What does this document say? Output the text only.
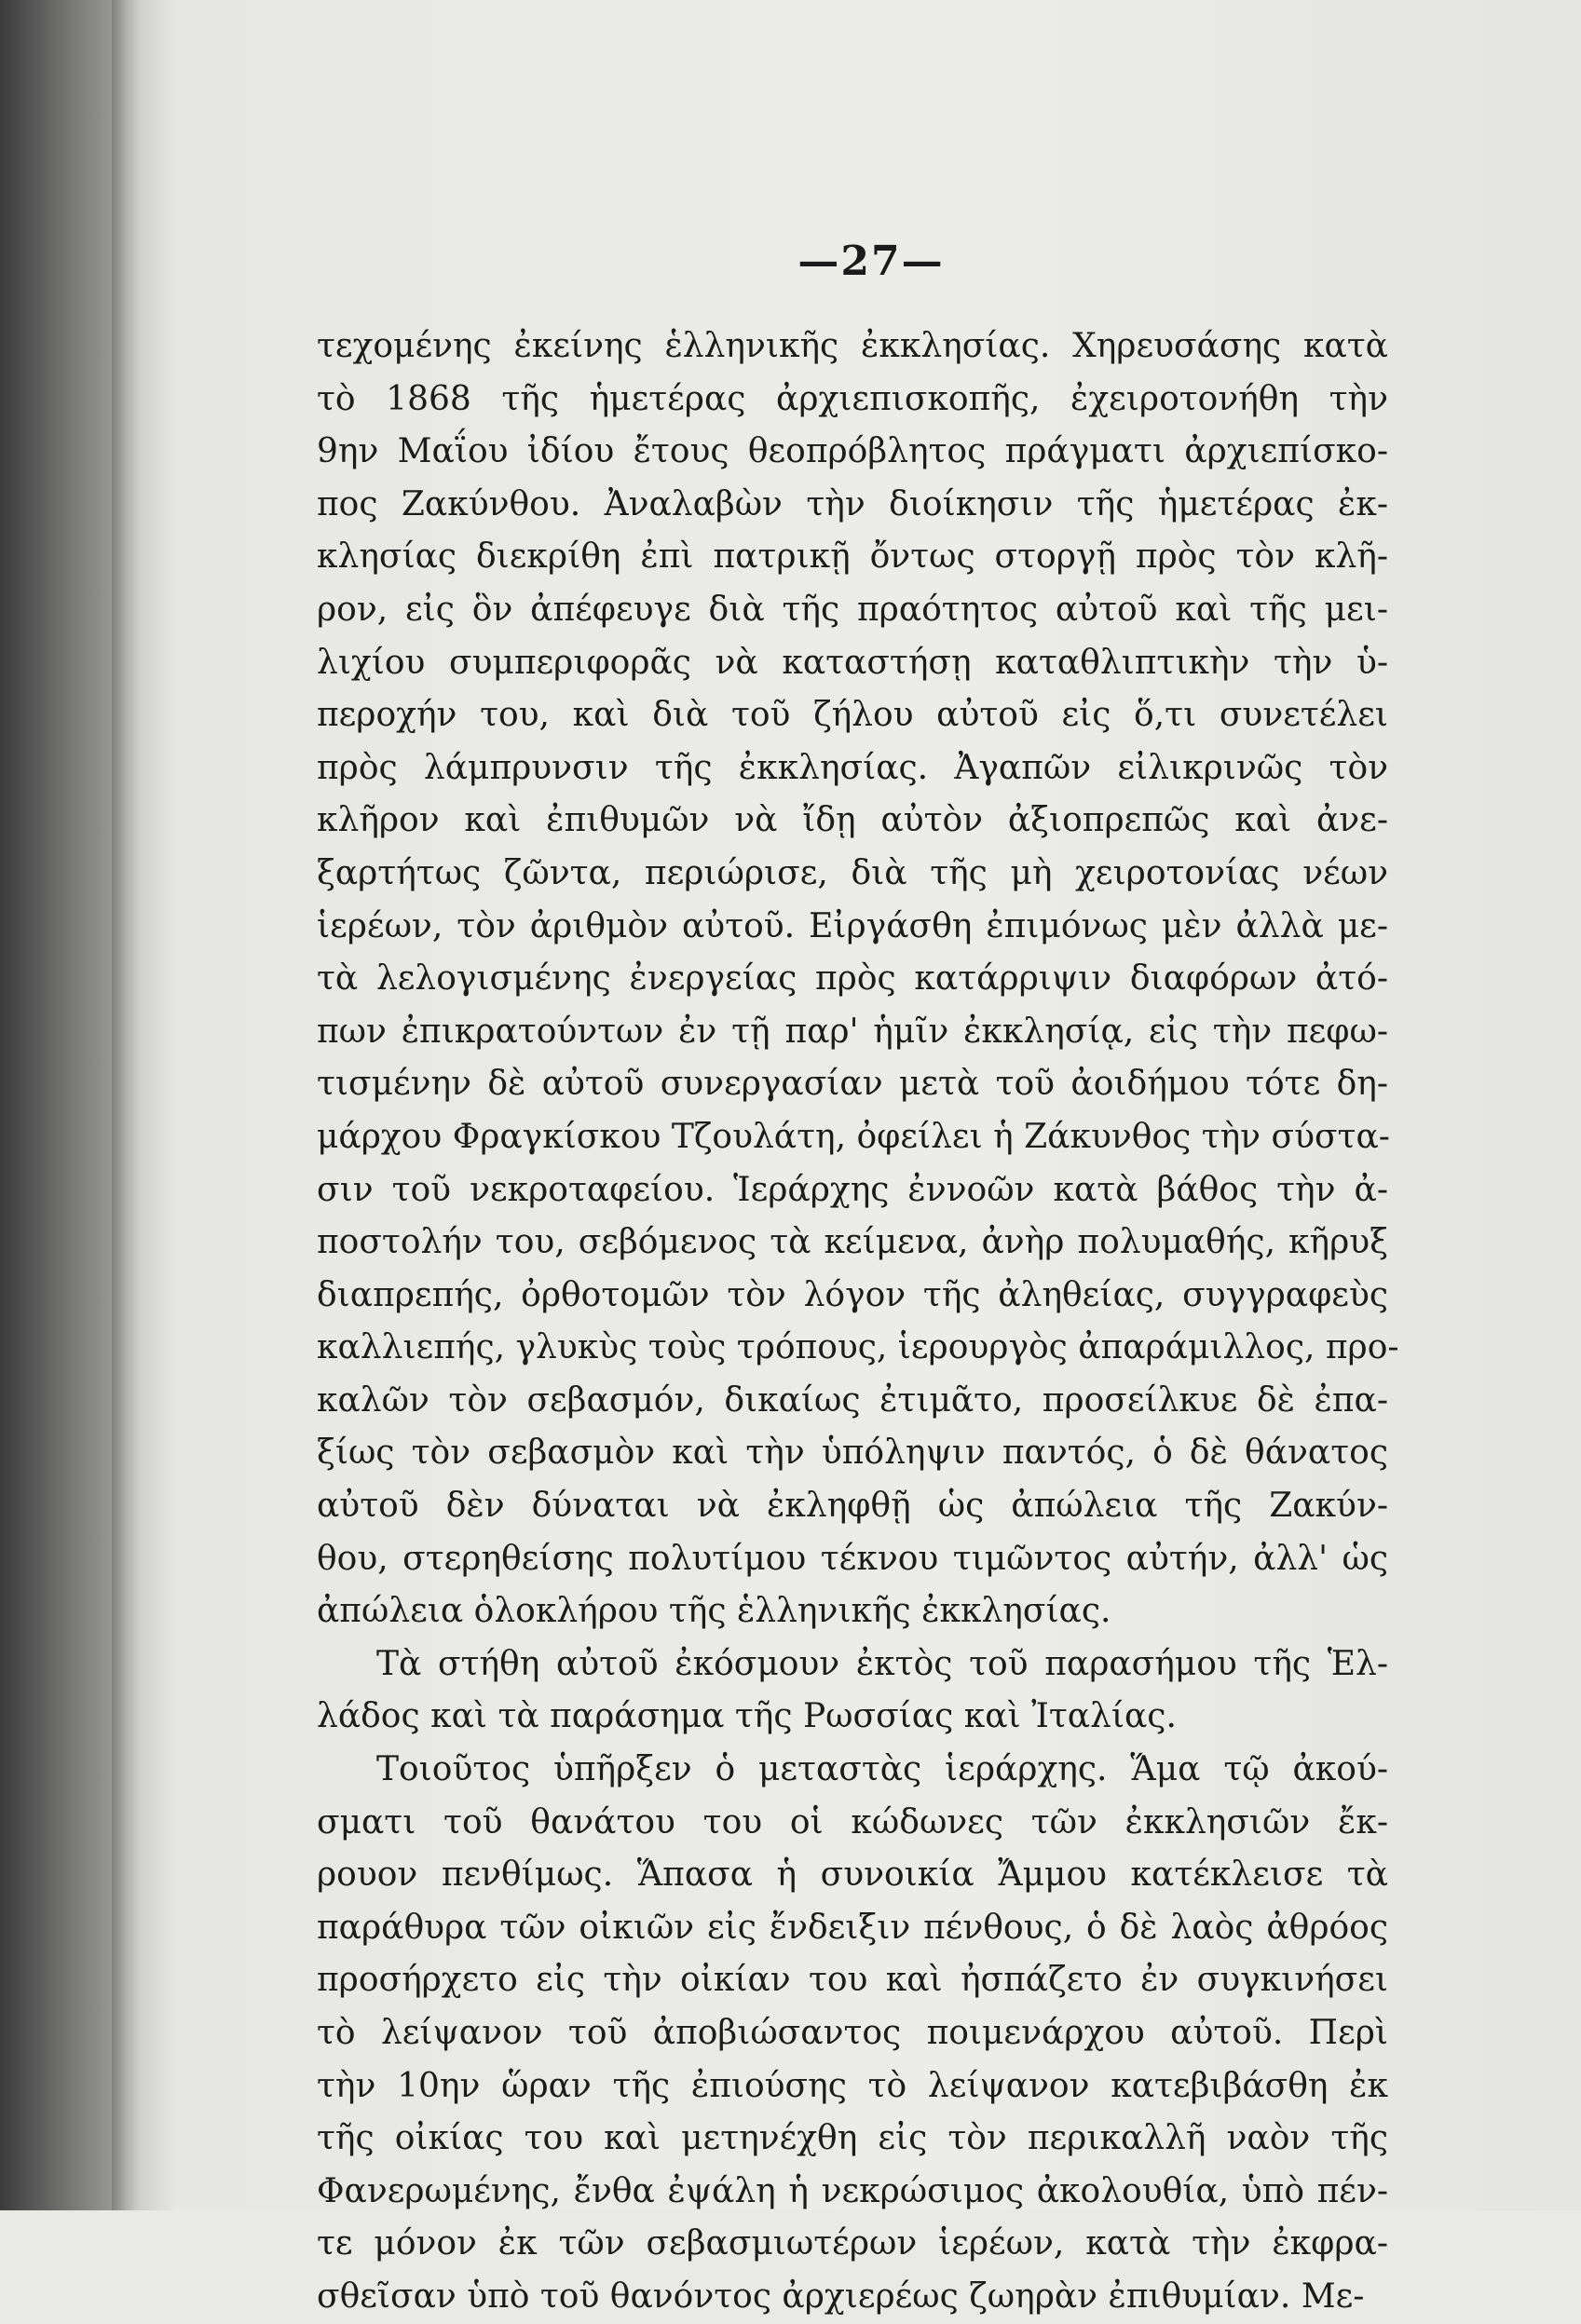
—27—

τεχομένης ἐκείνης ἑλληνικῆς ἐκκλησίας. Χηρευσάσης κατὰ
τὸ 1868 τῆς ἡμετέρας ἀρχιεπισκοπῆς, ἐχειροτονήθη τὴν
9ην Μαΐου ἰδίου ἔτους θεοπρόβλητος πράγματι ἀρχιεπίσκο-
πος Ζακύνθου. Ἀναλαβὼν τὴν διοίκησιν τῆς ἡμετέρας ἐκ-
κλησίας διεκρίθη ἐπὶ πατρικῇ ὄντως στοργῇ πρὸς τὸν κλῆ-
ρον, εἰς ὃν ἀπέφευγε διὰ τῆς πραότητος αὐτοῦ καὶ τῆς μει-
λιχίου συμπεριφορᾶς νὰ καταστήσῃ καταθλιπτικὴν τὴν ὑ-
περοχήν του, καὶ διὰ τοῦ ζήλου αὐτοῦ εἰς ὅ,τι συνετέλει
πρὸς λάμπρυνσιν τῆς ἐκκλησίας. Ἀγαπῶν εἰλικρινῶς τὸν
κλῆρον καὶ ἐπιθυμῶν νὰ ἴδῃ αὐτὸν ἀξιοπρεπῶς καὶ ἀνε-
ξαρτήτως ζῶντα, περιώρισε, διὰ τῆς μὴ χειροτονίας νέων
ἱερέων, τὸν ἀριθμὸν αὐτοῦ. Εἰργάσθη ἐπιμόνως μὲν ἀλλὰ με-
τὰ λελογισμένης ἐνεργείας πρὸς κατάρριψιν διαφόρων ἀτό-
πων ἐπικρατούντων ἐν τῇ παρ' ἡμῖν ἐκκλησίᾳ, εἰς τὴν πεφω-
τισμένην δὲ αὐτοῦ συνεργασίαν μετὰ τοῦ ἀοιδήμου τότε δη-
μάρχου Φραγκίσκου Τζουλάτη, ὀφείλει ἡ Ζάκυνθος τὴν σύστα-
σιν τοῦ νεκροταφείου. Ἱεράρχης ἐννοῶν κατὰ βάθος τὴν ἀ-
ποστολήν του, σεβόμενος τὰ κείμενα, ἀνὴρ πολυμαθής, κῆρυξ
διαπρεπής, ὀρθοτομῶν τὸν λόγον τῆς ἀληθείας, συγγραφεὺς
καλλιεπής, γλυκὺς τοὺς τρόπους, ἱερουργὸς ἀπαράμιλλος, προ-
καλῶν τὸν σεβασμόν, δικαίως ἐτιμᾶτο, προσείλκυε δὲ ἐπα-
ξίως τὸν σεβασμὸν καὶ τὴν ὑπόληψιν παντός, ὁ δὲ θάνατος
αὐτοῦ δὲν δύναται νὰ ἐκληφθῇ ὡς ἀπώλεια τῆς Ζακύν-
θου, στερηθείσης πολυτίμου τέκνου τιμῶντος αὐτήν, ἀλλ' ὡς
ἀπώλεια ὁλοκλήρου τῆς ἑλληνικῆς ἐκκλησίας.

Τὰ στήθη αὐτοῦ ἐκόσμουν ἐκτὸς τοῦ παρασήμου τῆς Ἑλ-
λάδος καὶ τὰ παράσημα τῆς Ρωσσίας καὶ Ἰταλίας.

Τοιοῦτος ὑπῆρξεν ὁ μεταστὰς ἱεράρχης. Ἅμα τῷ ἀκού-
σματι τοῦ θανάτου του οἱ κώδωνες τῶν ἐκκλησιῶν ἔκ-
ρουον πενθίμως. Ἅπασα ἡ συνοικία Ἄμμου κατέκλεισε τὰ
παράθυρα τῶν οἰκιῶν εἰς ἔνδειξιν πένθους, ὁ δὲ λαὸς ἀθρόος
προσήρχετο εἰς τὴν οἰκίαν του καὶ ἠσπάζετο ἐν συγκινήσει
τὸ λείψανον τοῦ ἀποβιώσαντος ποιμενάρχου αὐτοῦ. Περὶ
τὴν 10ην ὥραν τῆς ἐπιούσης τὸ λείψανον κατεβιβάσθη ἐκ
τῆς οἰκίας του καὶ μετηνέχθη εἰς τὸν περικαλλῆ ναὸν τῆς
Φανερωμένης, ἔνθα ἐψάλη ἡ νεκρώσιμος ἀκολουθία, ὑπὸ πέν-
τε μόνον ἐκ τῶν σεβασμιωτέρων ἱερέων, κατὰ τὴν ἐκφρα-
σθεῖσαν ὑπὸ τοῦ θανόντος ἀρχιερέως ζωηρὰν ἐπιθυμίαν. Με-
